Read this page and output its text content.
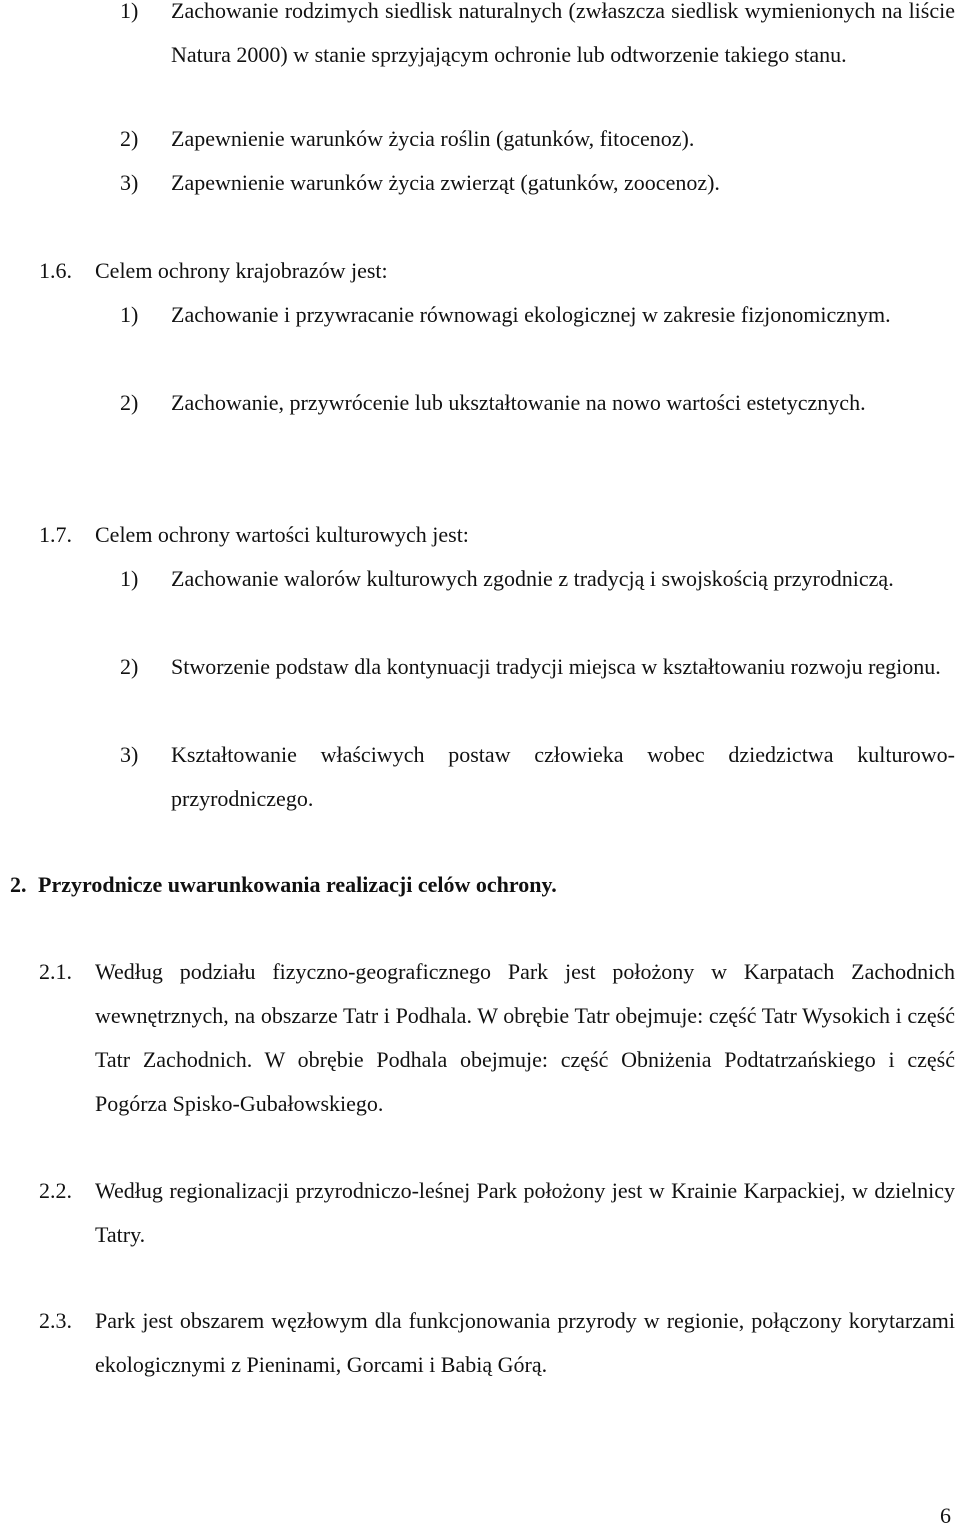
1)	Zachowanie rodzimych siedlisk naturalnych (zwłaszcza siedlisk wymienionych na liście Natura 2000) w stanie sprzyjającym ochronie lub odtworzenie takiego stanu.
2)	Zapewnienie warunków życia roślin (gatunków, fitocenoz).
3)	Zapewnienie warunków życia zwierząt (gatunków, zoocenoz).
1.6.	Celem ochrony krajobrazów jest:
1)	Zachowanie i przywracanie równowagi ekologicznej w zakresie fizjonomicznym.
2)	Zachowanie, przywrócenie lub ukształtowanie na nowo wartości estetycznych.
1.7.	Celem ochrony wartości kulturowych jest:
1)	Zachowanie walorów kulturowych zgodnie z tradycją i swojskością przyrodniczą.
2)	Stworzenie podstaw dla kontynuacji tradycji miejsca w kształtowaniu rozwoju regionu.
3)	Kształtowanie właściwych postaw człowieka wobec dziedzictwa kulturowo-przyrodniczego.
2. Przyrodnicze uwarunkowania realizacji celów ochrony.
2.1.	Według podziału fizyczno-geograficznego Park jest położony w Karpatach Zachodnich wewnętrznych, na obszarze Tatr i Podhala. W obrębie Tatr obejmuje: część Tatr Wysokich i część Tatr Zachodnich. W obrębie Podhala obejmuje: część Obniżenia Podtatrzańskiego i część Pogórza Spisko-Gubałowskiego.
2.2.	Według regionalizacji przyrodniczo-leśnej Park położony jest w Krainie Karpackiej, w dzielnicy Tatry.
2.3.	Park jest obszarem węzłowym dla funkcjonowania przyrody w regionie, połączony korytarzami ekologicznymi z Pieninami, Gorcami i Babią Górą.
6
